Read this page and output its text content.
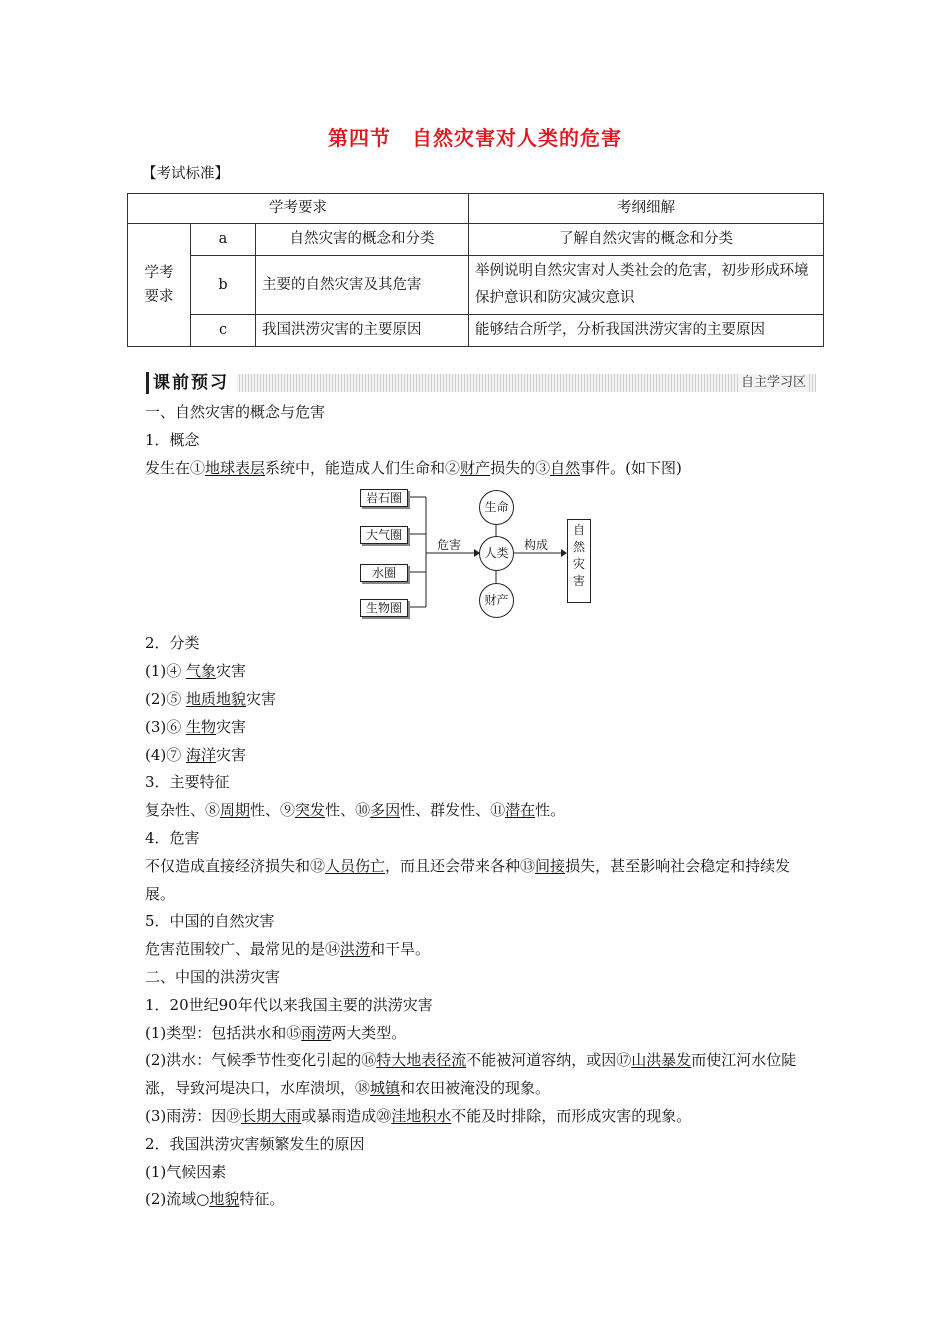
第四节　自然灾害对人类的危害
【考试标准】
学考要求			考纲细解
学考
要求	a	自然灾害的概念和分类	了解自然灾害的概念和分类
	b	主要的自然灾害及其危害	举例说明自然灾害对人类社会的危害，初步形成环境保护意识和防灾减灾意识
	c	我国洪涝灾害的主要原因	能够结合所学，分析我国洪涝灾害的主要原因
课前预习	自主学习区
一、自然灾害的概念与危害
1．概念
发生在①地球表层系统中，能造成人们生命和②财产损失的③自然事件。(如下图)
2．分类
(1)④ 气象灾害
(2)⑤ 地质地貌灾害
(3)⑥ 生物灾害
(4)⑦ 海洋灾害
3．主要特征
复杂性、⑧周期性、⑨突发性、⑩多因性、群发性、⑪潜在性。
4．危害
不仅造成直接经济损失和⑫人员伤亡，而且还会带来各种⑬间接损失，甚至影响社会稳定和持续发展。
5．中国的自然灾害
危害范围较广、最常见的是⑭洪涝和干旱。
二、中国的洪涝灾害
1．20世纪90年代以来我国主要的洪涝灾害
(1)类型：包括洪水和⑮雨涝两大类型。
(2)洪水：气候季节性变化引起的⑯特大地表径流不能被河道容纳，或因⑰山洪暴发而使江河水位陡涨，导致河堤决口，水库溃坝，⑱城镇和农田被淹没的现象。
(3)雨涝：因⑲长期大雨或暴雨造成⑳洼地积水不能及时排除，而形成灾害的现象。
2．我国洪涝灾害频繁发生的原因
(1)气候因素
(2)流域○地貌特征。
岩石圈
大气圈
水圈
生物圈
危害
生命
人类
财产
构成
自
然
灾
害
